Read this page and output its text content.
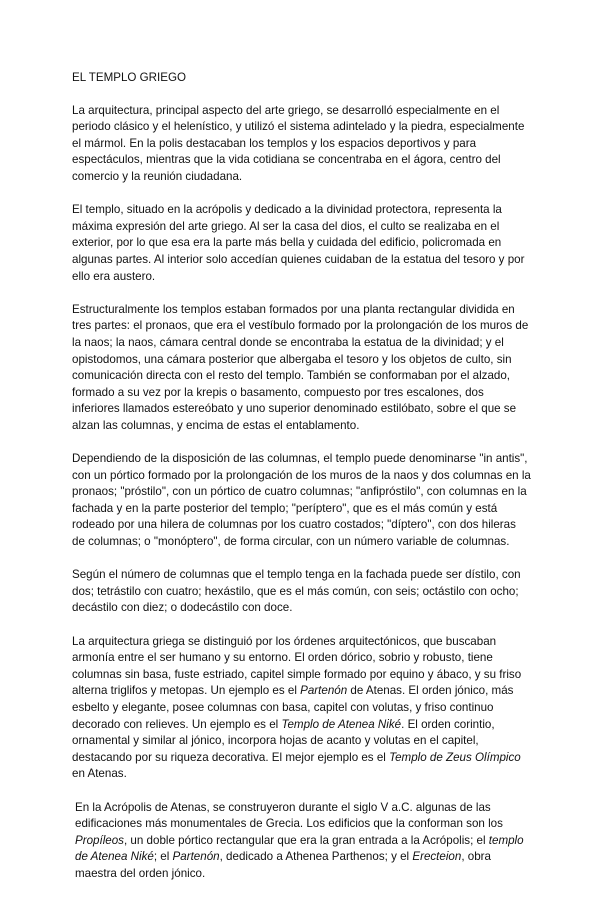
EL TEMPLO GRIEGO

La arquitectura, principal aspecto del arte griego, se desarrolló especialmente en el periodo clásico y el helenístico, y utilizó el sistema adintelado y la piedra, especialmente el mármol. En la polis destacaban los templos y los espacios deportivos y para espectáculos, mientras que la vida cotidiana se concentraba en el ágora, centro del comercio y la reunión ciudadana.

El templo, situado en la acrópolis y dedicado a la divinidad protectora, representa la máxima expresión del arte griego. Al ser la casa del dios, el culto se realizaba en el exterior, por lo que esa era la parte más bella y cuidada del edificio, policromada en algunas partes. Al interior solo accedían quienes cuidaban de la estatua del tesoro y por ello era austero.

Estructuralmente los templos estaban formados por una planta rectangular dividida en tres partes: el pronaos, que era el vestíbulo formado por la prolongación de los muros de la naos; la naos, cámara central donde se encontraba la estatua de la divinidad; y el opistodomos, una cámara posterior que albergaba el tesoro y los objetos de culto, sin comunicación directa con el resto del templo. También se conformaban por el alzado, formado a su vez por la krepis o basamento, compuesto por tres escalones, dos inferiores llamados estereóbato y uno superior denominado estilóbato, sobre el que se alzan las columnas, y encima de estas el entablamento.

Dependiendo de la disposición de las columnas, el templo puede denominarse "in antis", con un pórtico formado por la prolongación de los muros de la naos y dos columnas en la pronaos; "próstilo", con un pórtico de cuatro columnas; "anfipróstilo", con columnas en la fachada y en la parte posterior del templo; "períptero", que es el más común y está rodeado por una hilera de columnas por los cuatro costados; "díptero", con dos hileras de columnas; o "monóptero", de forma circular, con un número variable de columnas.

Según el número de columnas que el templo tenga en la fachada puede ser dístilo, con dos; tetrástilo con cuatro; hexástilo, que es el más común, con seis; octástilo con ocho; decástilo con diez; o dodecástilo con doce.

La arquitectura griega se distinguió por los órdenes arquitectónicos, que buscaban armonía entre el ser humano y su entorno. El orden dórico, sobrio y robusto, tiene columnas sin basa, fuste estriado, capitel simple formado por equino y ábaco, y su friso alterna triglifos y metopas. Un ejemplo es el Partenón de Atenas. El orden jónico, más esbelto y elegante, posee columnas con basa, capitel con volutas, y friso continuo decorado con relieves. Un ejemplo es el Templo de Atenea Niké. El orden corintio, ornamental y similar al jónico, incorpora hojas de acanto y volutas en el capitel, destacando por su riqueza decorativa. El mejor ejemplo es el Templo de Zeus Olímpico en Atenas.

En la Acrópolis de Atenas, se construyeron durante el siglo V a.C. algunas de las edificaciones más monumentales de Grecia. Los edificios que la conforman son los Propíleos, un doble pórtico rectangular que era la gran entrada a la Acrópolis; el templo de Atenea Niké; el Partenón, dedicado a Athenea Parthenos; y el Erecteion, obra maestra del orden jónico.
